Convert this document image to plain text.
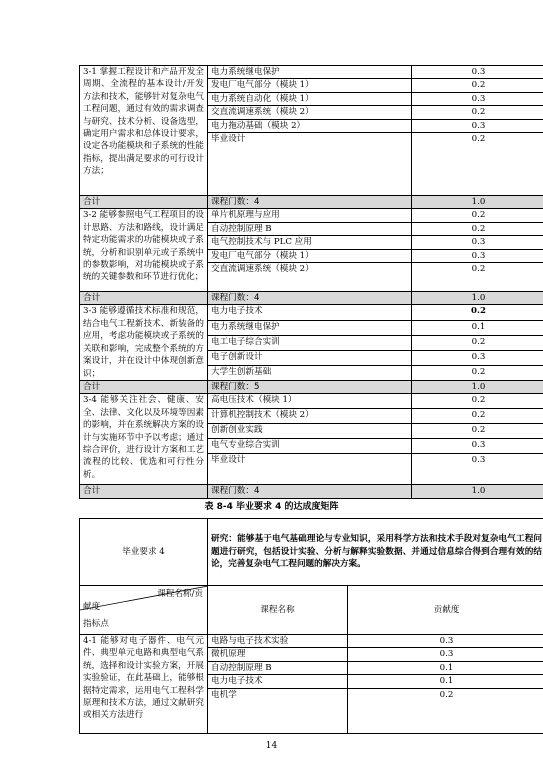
3-1 掌握工程设计和产品开发全周期、全流程的基本设计/开发方法和技术，能够针对复杂电气工程问题，通过有效的需求调查与研究、技术分析、设备选型，确定用户需求和总体设计要求，设定各功能模块和子系统的性能指标，提出满足要求的可行设计方法；	电力系统继电保护	0.3
	发电厂电气部分（模块 1）	0.2
	电力系统自动化（模块 1）	0.3
	交直流调速系统（模块 2）	0.2
	电力拖动基础（模块 2）	0.3
	毕业设计	0.2
合计	课程门数：4	1.0
3-2 能够参照电气工程项目的设计思路、方法和路线，设计满足特定功能需求的功能模块或子系统，分析和识别单元或子系统中的参数影响，对功能模块或子系统的关键参数和环节进行优化；	单片机原理与应用	0.2
	自动控制原理 B	0.2
	电气控制技术与 PLC 应用	0.3
	发电厂电气部分（模块 1）	0.3
	交直流调速系统（模块 2）	0.2
合计	课程门数：4	1.0
3-3 能够遵循技术标准和规范，结合电气工程新技术、新装备的应用，考虑功能模块或子系统的关联和影响，完成整个系统的方案设计，并在设计中体现创新意识；	电力电子技术	0.2
	电力系统继电保护	0.1
	电工电子综合实训	0.2
	电子创新设计	0.3
	大学生创新基础	0.2
合计	课程门数：5	1.0
3-4 能够关注社会、健康、安全、法律、文化以及环境等因素的影响，并在系统解决方案的设计与实施环节中予以考虑；通过综合评价，进行设计方案和工艺流程的比较、优选和可行性分析。	高电压技术（模块 1）	0.2
	计算机控制技术（模块 2）	0.2
	创新创业实践	0.2
	电气专业综合实训	0.3
	毕业设计	0.3
合计	课程门数：4	1.0
表 8-4 毕业要求 4 的达成度矩阵
毕业要求 4	研究：能够基于电气基础理论与专业知识，采用科学方法和技术手段对复杂电气工程问题进行研究，包括设计实验、分析与解释实验数据、并通过信息综合得到合理有效的结论，完善复杂电气工程问题的解决方案。	

课程名称/贡
献度
指标点	课程名称	贡献度
4-1 能够对电子器件、电气元件、典型单元电路和典型电气系统，选择和设计实验方案，开展实验验证，在此基础上，能够根据特定需求，运用电气工程科学原理和技术方法，通过文献研究或相关方法进行	电路与电子技术实验	0.3
	微机原理	0.3
	自动控制原理 B	0.1
	电力电子技术	0.1
	电机学	0.2
14
